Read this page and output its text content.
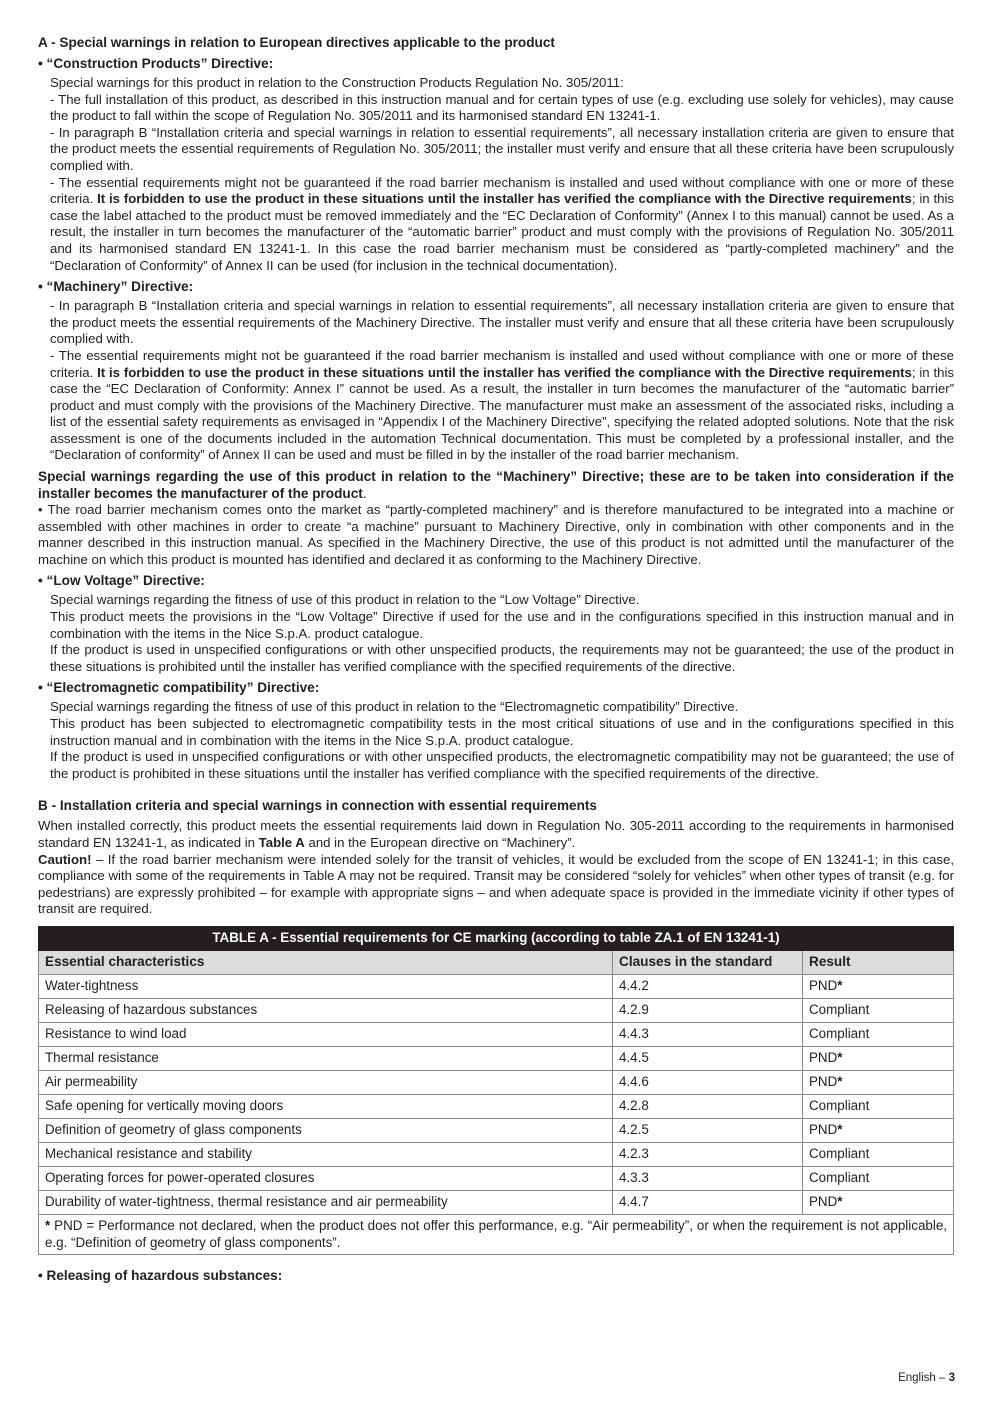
A - Special warnings in relation to European directives applicable to the product
• “Construction Products” Directive:

Special warnings for this product in relation to the Construction Products Regulation No. 305/2011:

- The full installation of this product, as described in this instruction manual and for certain types of use (e.g. excluding use solely for vehicles), may cause the product to fall within the scope of Regulation No. 305/2011 and its harmonised standard EN 13241-1.

- In paragraph B “Installation criteria and special warnings in relation to essential requirements”, all necessary installation criteria are given to ensure that the product meets the essential requirements of Regulation No. 305/2011; the installer must verify and ensure that all these criteria have been scrupulously complied with.

- The essential requirements might not be guaranteed if the road barrier mechanism is installed and used without compliance with one or more of these criteria. It is forbidden to use the product in these situations until the installer has verified the compliance with the Directive requirements; in this case the label attached to the product must be removed immediately and the “EC Declaration of Conformity” (Annex I to this manual) cannot be used. As a result, the installer in turn becomes the manufacturer of the “automatic barrier” product and must comply with the provisions of Regulation No. 305/2011 and its harmonised standard EN 13241-1. In this case the road barrier mechanism must be considered as “partly-completed machinery” and the “Declaration of Conformity” of Annex II can be used (for inclusion in the technical documentation).

• “Machinery” Directive:

- In paragraph B “Installation criteria and special warnings in relation to essential requirements”, all necessary installation criteria are given to ensure that the product meets the essential requirements of the Machinery Directive. The installer must verify and ensure that all these criteria have been scrupulously complied with.

- The essential requirements might not be guaranteed if the road barrier mechanism is installed and used without compliance with one or more of these criteria. It is forbidden to use the product in these situations until the installer has verified the compliance with the Directive requirements; in this case the “EC Declaration of Conformity: Annex I” cannot be used. As a result, the installer in turn becomes the manufacturer of the “automatic barrier” product and must comply with the provisions of the Machinery Directive. The manufacturer must make an assessment of the associated risks, including a list of the essential safety requirements as envisaged in “Appendix I of the Machinery Directive”, specifying the related adopted solutions. Note that the risk assessment is one of the documents included in the automation Technical documentation. This must be completed by a professional installer, and the “Declaration of conformity” of Annex II can be used and must be filled in by the installer of the road barrier mechanism.

Special warnings regarding the use of this product in relation to the “Machinery” Directive; these are to be taken into consideration if the installer becomes the manufacturer of the product.

• The road barrier mechanism comes onto the market as “partly-completed machinery” and is therefore manufactured to be integrated into a machine or assembled with other machines in order to create “a machine” pursuant to Machinery Directive, only in combination with other components and in the manner described in this instruction manual. As specified in the Machinery Directive, the use of this product is not admitted until the manufacturer of the machine on which this product is mounted has identified and declared it as conforming to the Machinery Directive.

• “Low Voltage” Directive:

Special warnings regarding the fitness of use of this product in relation to the “Low Voltage” Directive.

This product meets the provisions in the “Low Voltage” Directive if used for the use and in the configurations specified in this instruction manual and in combination with the items in the Nice S.p.A. product catalogue.

If the product is used in unspecified configurations or with other unspecified products, the requirements may not be guaranteed; the use of the product in these situations is prohibited until the installer has verified compliance with the specified requirements of the directive.

• “Electromagnetic compatibility” Directive:

Special warnings regarding the fitness of use of this product in relation to the “Electromagnetic compatibility” Directive.

This product has been subjected to electromagnetic compatibility tests in the most critical situations of use and in the configurations specified in this instruction manual and in combination with the items in the Nice S.p.A. product catalogue.

If the product is used in unspecified configurations or with other unspecified products, the electromagnetic compatibility may not be guaranteed; the use of the product is prohibited in these situations until the installer has verified compliance with the specified requirements of the directive.

B - Installation criteria and special warnings in connection with essential requirements

When installed correctly, this product meets the essential requirements laid down in Regulation No. 305-2011 according to the requirements in harmonised standard EN 13241-1, as indicated in Table A and in the European directive on “Machinery”.

Caution! – If the road barrier mechanism were intended solely for the transit of vehicles, it would be excluded from the scope of EN 13241-1; in this case, compliance with some of the requirements in Table A may not be required. Transit may be considered “solely for vehicles” when other types of transit (e.g. for pedestrians) are expressly prohibited – for example with appropriate signs – and when adequate space is provided in the immediate vicinity if other types of transit are required.

TABLE A - Essential requirements for CE marking (according to table ZA.1 of EN 13241-1)		
Essential characteristics	Clauses in the standard	Result
Water-tightness	4.4.2	PND*
Releasing of hazardous substances	4.2.9	Compliant
Resistance to wind load	4.4.3	Compliant
Thermal resistance	4.4.5	PND*
Air permeability	4.4.6	PND*
Safe opening for vertically moving doors	4.2.8	Compliant
Definition of geometry of glass components	4.2.5	PND*
Mechanical resistance and stability	4.2.3	Compliant
Operating forces for power-operated closures	4.3.3	Compliant
Durability of water-tightness, thermal resistance and air permeability	4.4.7	PND*
* PND = Performance not declared, when the product does not offer this performance, e.g. “Air permeability”, or when the requirement is not applicable, e.g. “Definition of geometry of glass components”.		
• Releasing of hazardous substances:
English – 3
